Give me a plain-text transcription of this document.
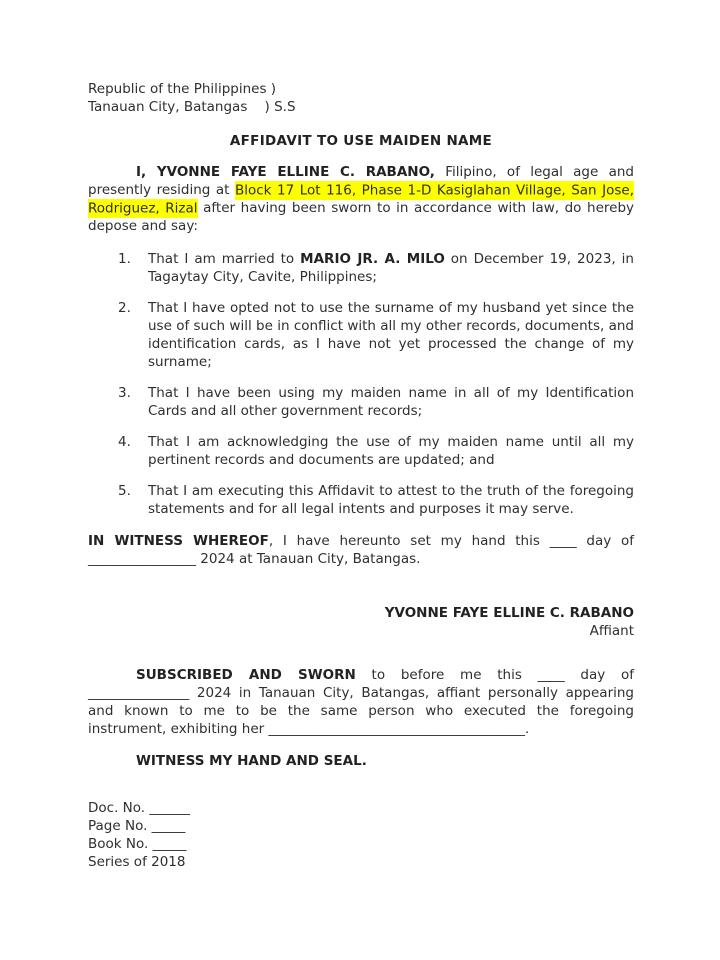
Republic of the Philippines )
Tanauan City, Batangas    ) S.S
AFFIDAVIT TO USE MAIDEN NAME

I, YVONNE FAYE ELLINE C. RABANO, Filipino, of legal age and presently residing at Block 17 Lot 116, Phase 1-D Kasiglahan Village, San Jose, Rodriguez, Rizal after having been sworn to in accordance with law, do hereby depose and say:

1.	That I am married to MARIO JR. A. MILO on December 19, 2023, in Tagaytay City, Cavite, Philippines;
2.	That I have opted not to use the surname of my husband yet since the use of such will be in conflict with all my other records, documents, and identification cards, as I have not yet processed the change of my surname;
3.	That I have been using my maiden name in all of my Identification Cards and all other government records;
4.	That I am acknowledging the use of my maiden name until all my pertinent records and documents are updated; and
5.	That I am executing this Affidavit to attest to the truth of the foregoing statements and for all legal intents and purposes it may serve.

IN WITNESS WHEREOF, I have hereunto set my hand this ____ day of ________________ 2024 at Tanauan City, Batangas.

YVONNE FAYE ELLINE C. RABANO
Affiant

SUBSCRIBED AND SWORN to before me this ____ day of _______________ 2024 in Tanauan City, Batangas, affiant personally appearing and known to me to be the same person who executed the foregoing instrument, exhibiting her ______________________________________.

WITNESS MY HAND AND SEAL.
Doc. No. ______
Page No. _____
Book No. _____
Series of 2018
